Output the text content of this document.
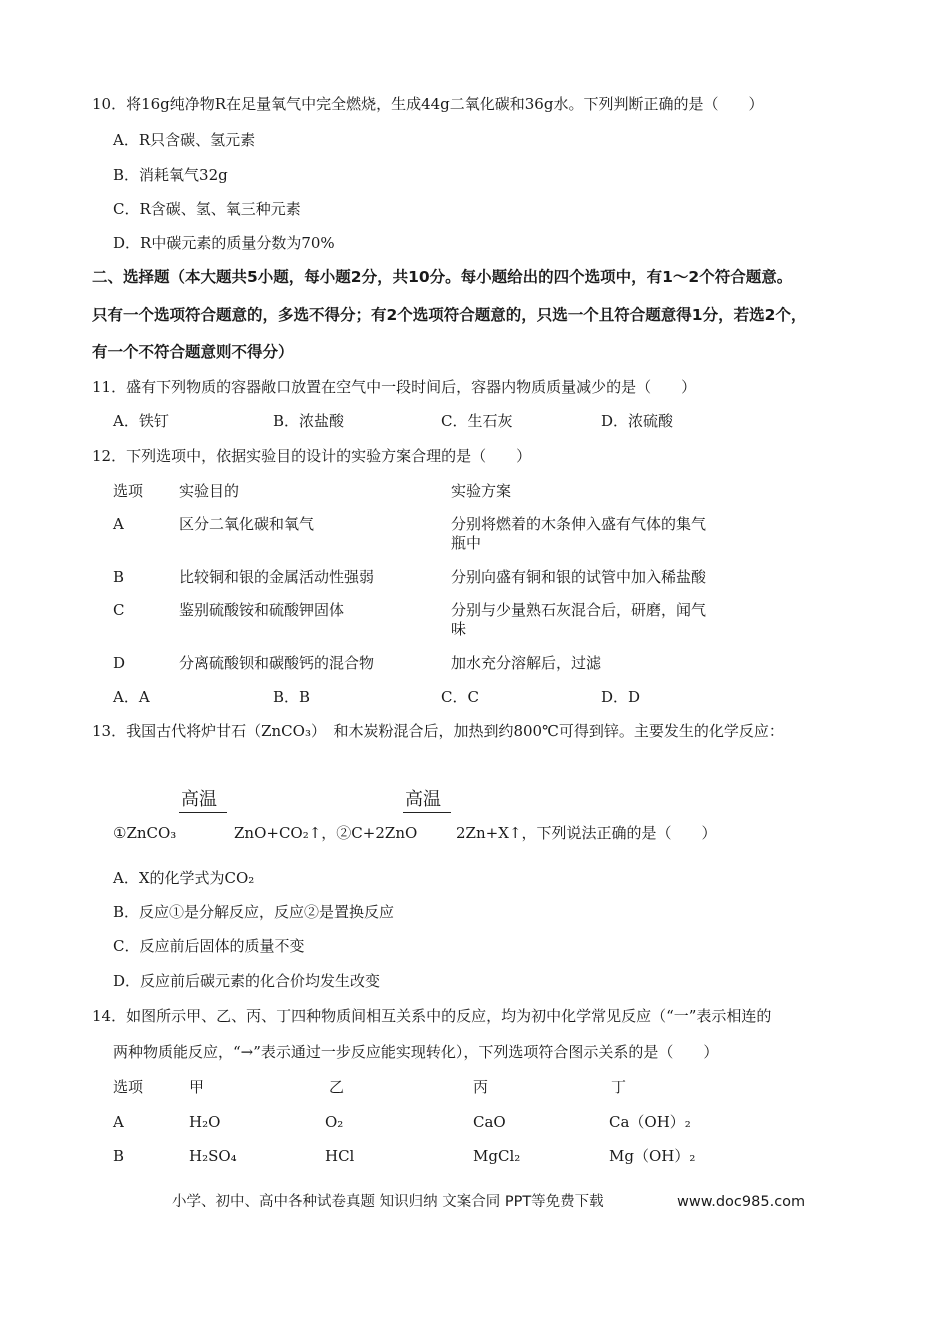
10．将16g纯净物R在足量氧气中完全燃烧，生成44g二氧化碳和36g水。下列判断正确的是（　　）
A．R只含碳、氢元素
B．消耗氧气32g
C．R含碳、氢、氧三种元素
D．R中碳元素的质量分数为70%
二、选择题（本大题共5小题，每小题2分，共10分。每小题给出的四个选项中，有1～2个符合题意。
只有一个选项符合题意的，多选不得分；有2个选项符合题意的，只选一个且符合题意得1分，若选2个，
有一个不符合题意则不得分）
11．盛有下列物质的容器敞口放置在空气中一段时间后，容器内物质质量减少的是（　　）
A．铁钉	B．浓盐酸	C．生石灰	D．浓硫酸
12．下列选项中，依据实验目的设计的实验方案合理的是（　　）
选项 实验目的	实验方案
A	区分二氧化碳和氧气	分别将燃着的木条伸入盛有气体的集气
瓶中
B	比较铜和银的金属活动性强弱	分别向盛有铜和银的试管中加入稀盐酸
C	鉴别硫酸铵和硫酸钾固体	分别与少量熟石灰混合后，研磨，闻气
味
D	分离硫酸钡和碳酸钙的混合物	加水充分溶解后，过滤
A．A	B．B	C．C	D．D
13．我国古代将炉甘石（ZnCO₃）　和木炭粉混合后，加热到约800℃可得到锌。主要发生的化学反应：
高温	高温
①ZnCO₃	ZnO+CO₂↑，②C+2ZnO	2Zn+X↑，下列说法正确的是（　　）
A．X的化学式为CO₂
B．反应①是分解反应，反应②是置换反应
C．反应前后固体的质量不变
D．反应前后碳元素的化合价均发生改变
14．如图所示甲、乙、丙、丁四种物质间相互关系中的反应，均为初中化学常见反应（“一”表示相连的
两种物质能反应，“→”表示通过一步反应能实现转化），下列选项符合图示关系的是（　　）
选项	甲	乙	丙	丁
A	H₂O	O₂	CaO	Ca（OH）₂
B	H₂SO₄	HCl	MgCl₂	Mg（OH）₂
小学、初中、高中各种试卷真题 知识归纳 文案合同 PPT等免费下载	www.doc985.com
